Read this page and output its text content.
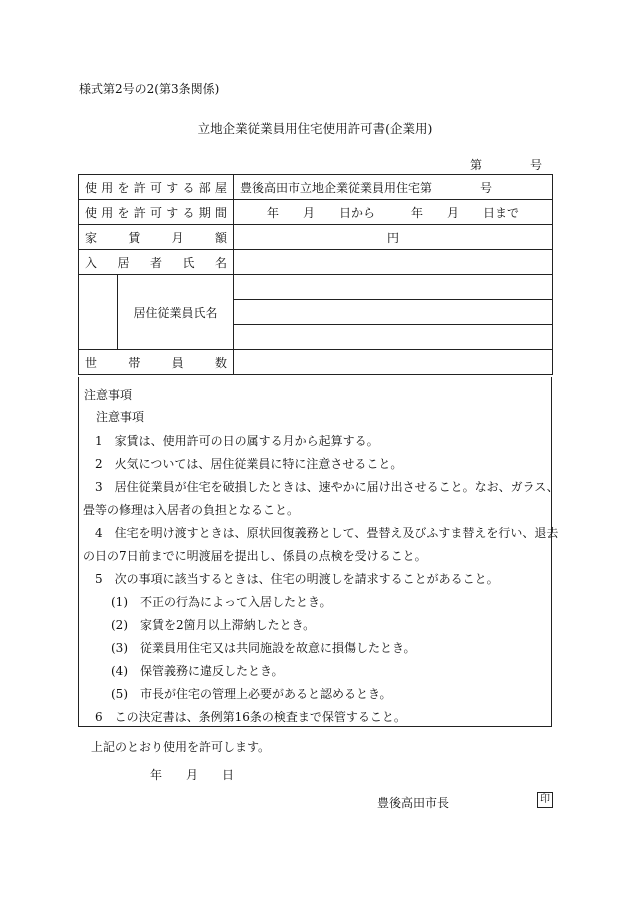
様式第2号の2(第3条関係)
立地企業従業員用住宅使用許可書(企業用)
第　　　　号
使用を許可する部屋		豊後高田市立地企業従業員用住宅第　　　　号
使用を許可する期間		年　　月　　日から　　　年　　月　　日まで
家賃月額		円
入居者氏名		
	居住従業員氏名	

世帯員数		
注意事項
注意事項
1　家賃は、使用許可の日の属する月から起算する。
2　火気については、居住従業員に特に注意させること。
3　居住従業員が住宅を破損したときは、速やかに届け出させること。なお、ガラス、
畳等の修理は入居者の負担となること。
4　住宅を明け渡すときは、原状回復義務として、畳替え及びふすま替えを行い、退去
の日の7日前までに明渡届を提出し、係員の点検を受けること。
5　次の事項に該当するときは、住宅の明渡しを請求することがあること。
(1)　不正の行為によって入居したとき。
(2)　家賃を2箇月以上滞納したとき。
(3)　従業員用住宅又は共同施設を故意に損傷したとき。
(4)　保管義務に違反したとき。
(5)　市長が住宅の管理上必要があると認めるとき。
6　この決定書は、条例第16条の検査まで保管すること。
上記のとおり使用を許可します。
年　　月　　日
豊後高田市長	印
